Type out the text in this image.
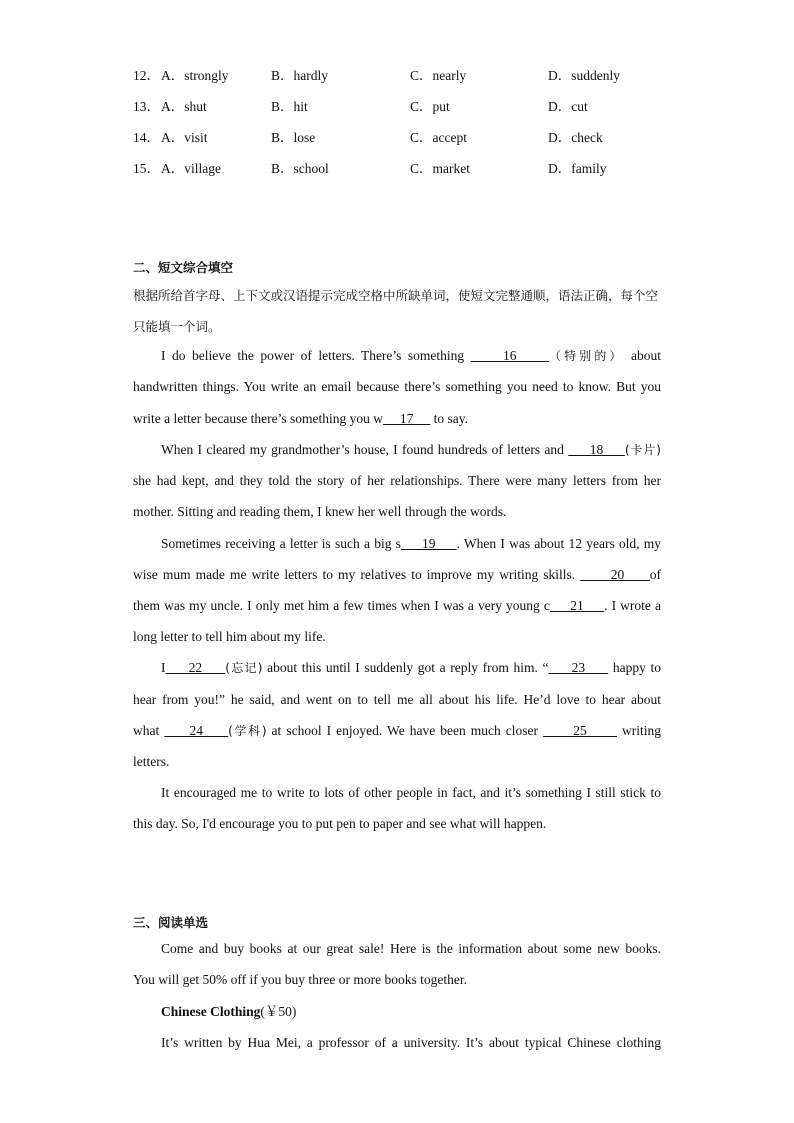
12． A．strongly	B．hardly	C．nearly	D．suddenly
13． A．shut	B．hit	C．put	D．cut
14． A．visit	B．lose	C．accept	D．check
15． A．village	B．school	C．market	D．family
二、短文综合填空
根据所给首字母、上下文或汉语提示完成空格中所缺单词，使短文完整通顺，语法正确，每个空只能填一个词。
I do believe the power of letters. There’s something      16     （特别的） about
handwritten things. You write an email because there’s something you need to know. But you
write a letter because there’s something you w     17      to say.
When I cleared my grandmother’s house, I found hundreds of letters and      18     (卡片)
she had kept, and they told the story of her relationships. There were many letters from her
mother. Sitting and reading them, I knew her well through the words.
Sometimes receiving a letter is such a big s     19     . When I was about 12 years old, my
wise mum made me write letters to my relatives to improve my writing skills.       20     of
them was my uncle. I only met him a few times when I was a very young c     21     . I wrote a
long letter to tell him about my life.
I     22     (忘记) about this until I suddenly got a reply from him. “     23      happy to
hear from you!” he said, and went on to tell me all about his life. He’d love to hear about
what      24     (学科) at school I enjoyed. We have been much closer       25       writing
letters.
It encouraged me to write to lots of other people in fact, and it’s something I still stick to
this day. So, I'd encourage you to put pen to paper and see what will happen.
三、阅读单选
Come and buy books at our great sale! Here is the information about some new books.
You will get 50% off if you buy three or more books together.
Chinese Clothing(￥50)
It’s written by Hua Mei, a professor of a university. It’s about typical Chinese clothing
